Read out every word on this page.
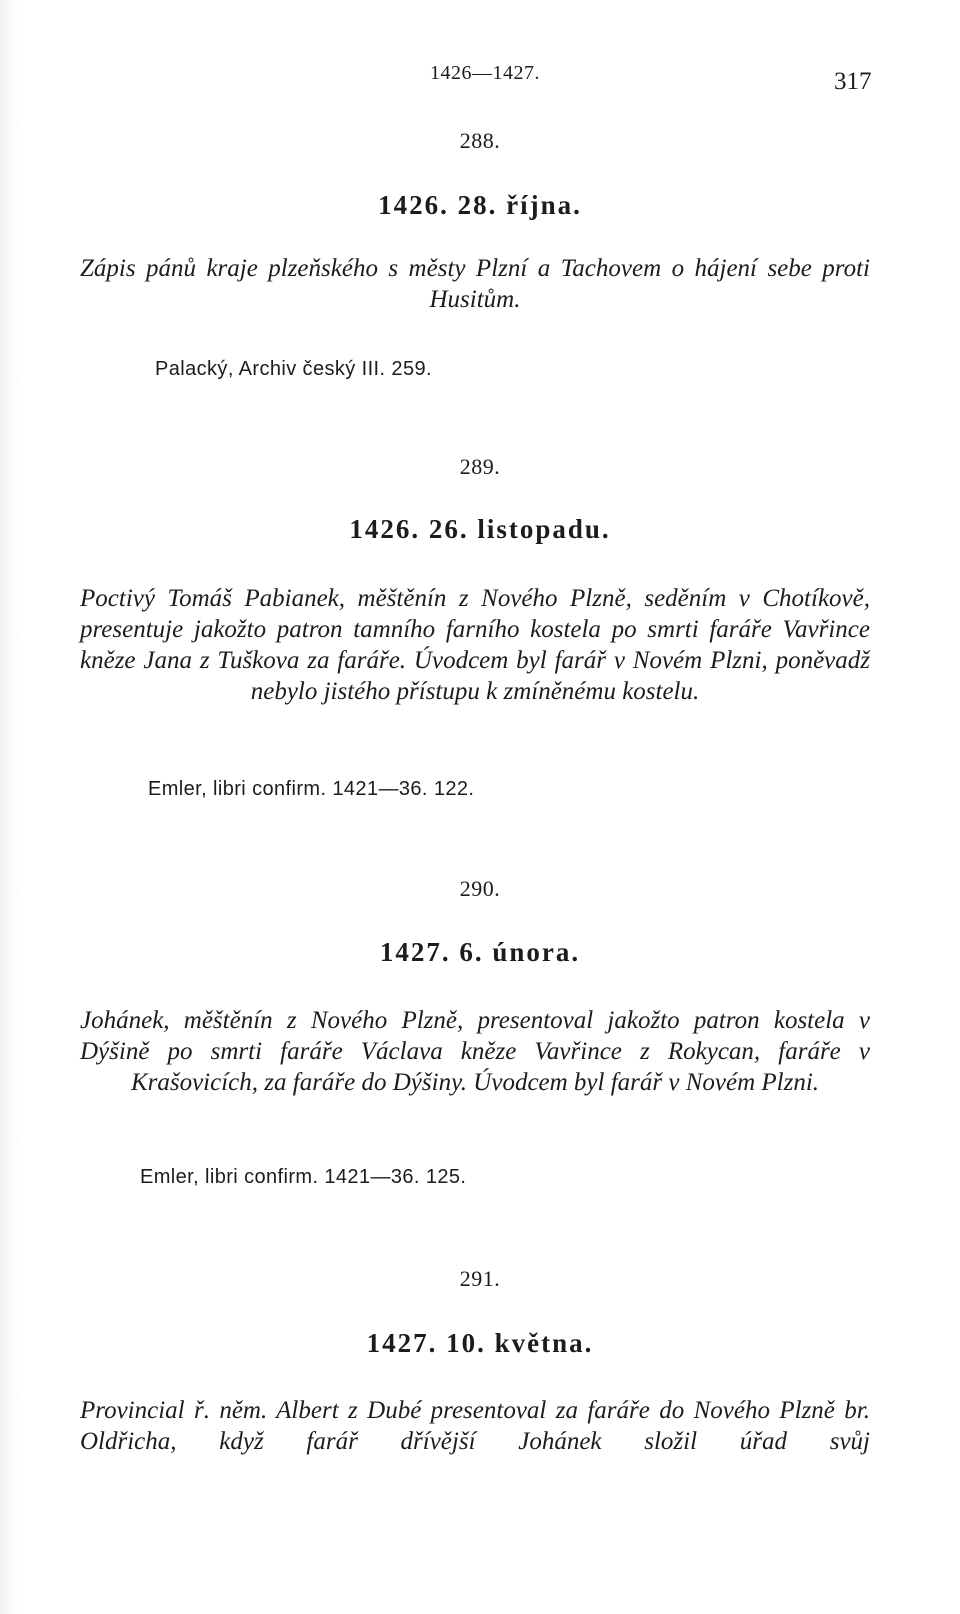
1426—1427.	317
288.
1426. 28. října.
Zápis pánů kraje plzeňského s městy Plzní a Tachovem o hájení sebe proti Husitům.
Palacký, Archiv český III. 259.
289.
1426. 26. listopadu.
Poctivý Tomáš Pabianek, měštěnín z Nového Plzně, seděním v Chotíkově, presentuje jakožto patron tamního farního kostela po smrti faráře Vavřince kněze Jana z Tuškova za faráře. Úvodcem byl farář v Novém Plzni, poněvadž nebylo jistého přístupu k zmíněnému kostelu.
Emler, libri confirm. 1421—36. 122.
290.
1427. 6. února.
Johánek, měštěnín z Nového Plzně, presentoval jakožto patron kostela v Dýšině po smrti faráře Václava kněze Vavřince z Rokycan, faráře v Krašovicích, za faráře do Dýšiny. Úvodcem byl farář v Novém Plzni.
Emler, libri confirm. 1421—36. 125.
291.
1427. 10. května.
Provincial ř. něm. Albert z Dubé presentoval za faráře do Nového Plzně br. Oldřicha, když farář dřívější Johánek složil úřad svůj
